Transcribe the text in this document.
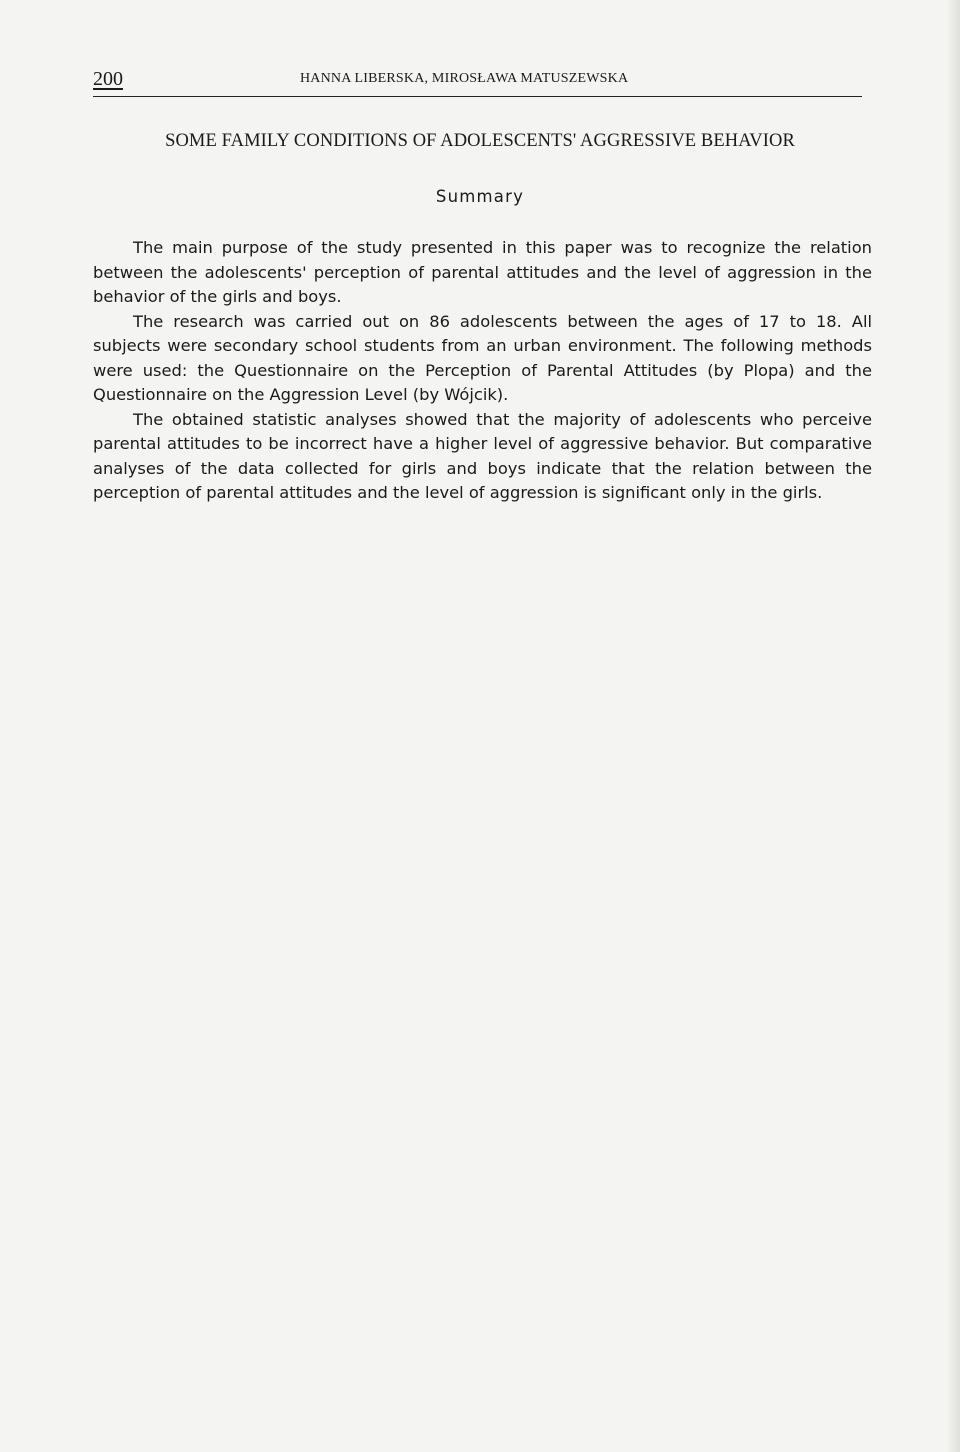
200	HANNA LIBERSKA, MIROSŁAWA MATUSZEWSKA
SOME FAMILY CONDITIONS OF ADOLESCENTS' AGGRESSIVE BEHAVIOR
Summary

The main purpose of the study presented in this paper was to recognize the relation between the adolescents' perception of parental attitudes and the level of aggression in the behavior of the girls and boys.

The research was carried out on 86 adolescents between the ages of 17 to 18. All subjects were secondary school students from an urban environment. The following methods were used: the Questionnaire on the Perception of Parental Attitudes (by Plopa) and the Questionnaire on the Aggression Level (by Wójcik).

The obtained statistic analyses showed that the majority of adolescents who perceive parental attitudes to be incorrect have a higher level of aggressive behavior. But comparative analyses of the data collected for girls and boys indicate that the relation between the perception of parental attitudes and the level of aggression is significant only in the girls.
